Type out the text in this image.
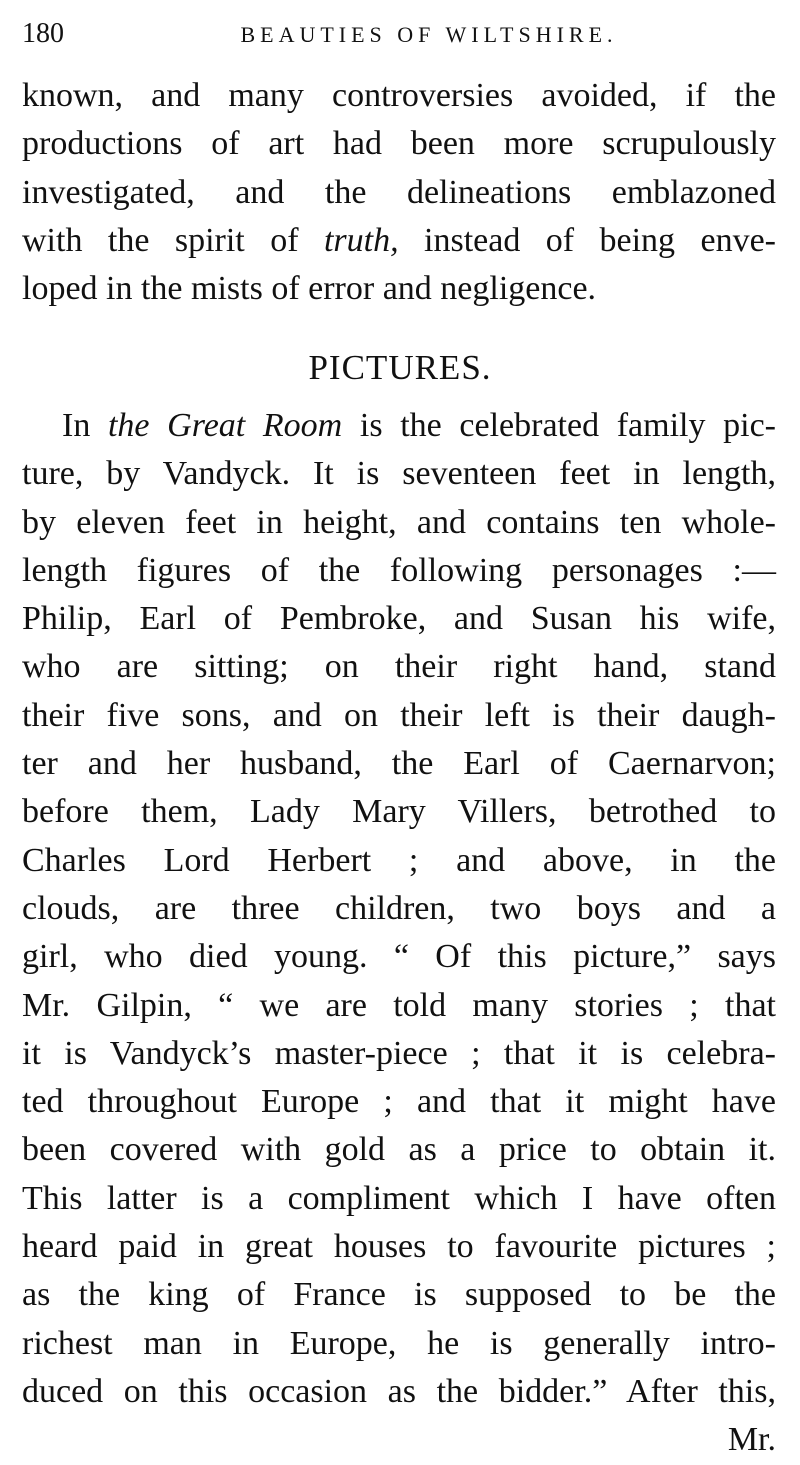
180	BEAUTIES OF WILTSHIRE.
known, and many controversies avoided, if the
productions of art had been more scrupulously
investigated, and the delineations emblazoned
with the spirit of truth, instead of being enve-
loped in the mists of error and negligence.
PICTURES.
In the Great Room is the celebrated family pic-
ture, by Vandyck. It is seventeen feet in length,
by eleven feet in height, and contains ten whole-
length figures of the following personages :—
Philip, Earl of Pembroke, and Susan his wife,
who are sitting; on their right hand, stand
their five sons, and on their left is their daugh-
ter and her husband, the Earl of Caernarvon;
before them, Lady Mary Villers, betrothed to
Charles Lord Herbert ; and above, in the
clouds, are three children, two boys and a
girl, who died young. “ Of this picture,” says
Mr. Gilpin, “ we are told many stories ; that
it is Vandyck’s master-piece ; that it is celebra-
ted throughout Europe ; and that it might have
been covered with gold as a price to obtain it.
This latter is a compliment which I have often
heard paid in great houses to favourite pictures ;
as the king of France is supposed to be the
richest man in Europe, he is generally intro-
duced on this occasion as the bidder.” After this,
Mr.
